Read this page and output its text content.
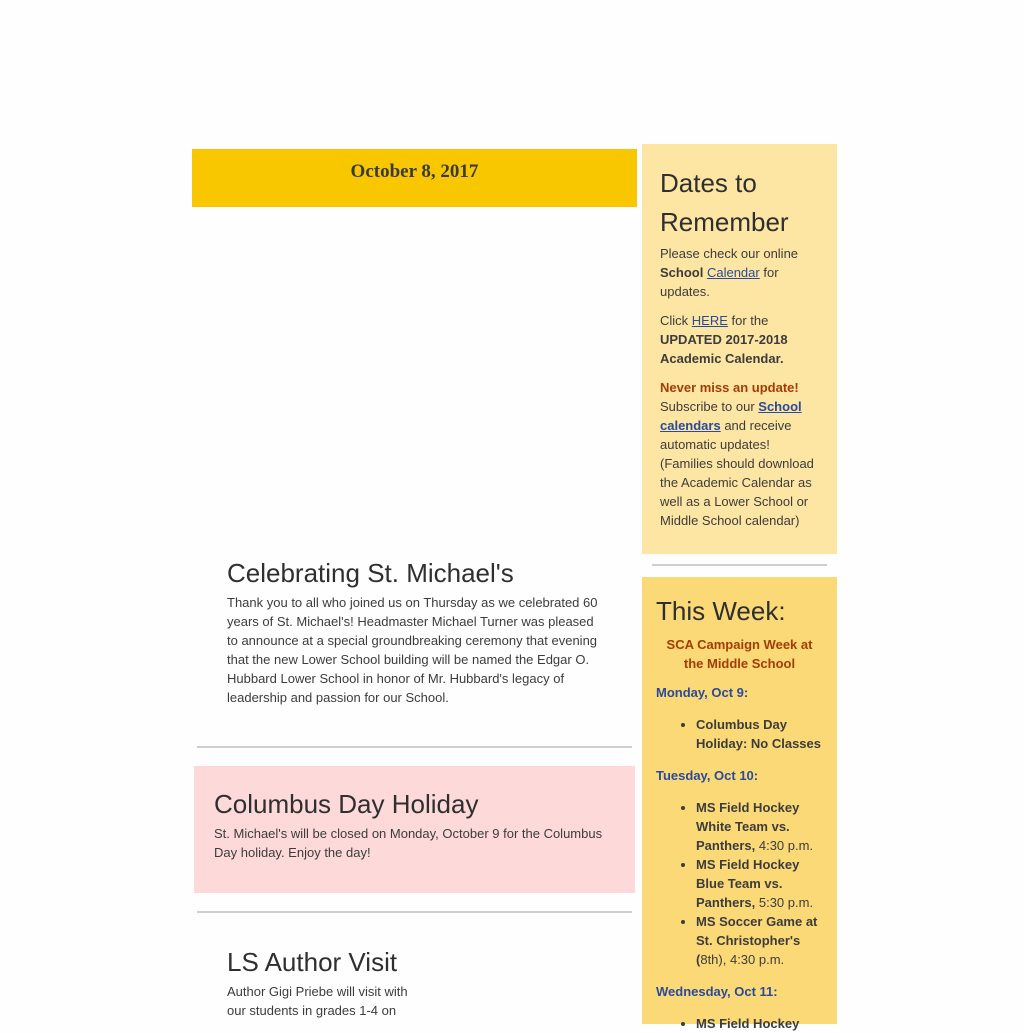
October 8, 2017
Celebrating St. Michael's

Thank you to all who joined us on Thursday as we celebrated 60 years of St. Michael's! Headmaster Michael Turner was pleased to announce at a special groundbreaking ceremony that evening that the new Lower School building will be named the Edgar O. Hubbard Lower School in honor of Mr. Hubbard's legacy of leadership and passion for our School.

Columbus Day Holiday

St. Michael's will be closed on Monday, October 9 for the Columbus Day holiday. Enjoy the day!

LS Author Visit

Author Gigi Priebe will visit with our students in grades 1-4 on

Dates to Remember

Please check our online School Calendar for updates.

Click HERE for the UPDATED 2017-2018 Academic Calendar.

Never miss an update!
Subscribe to our School calendars and receive automatic updates! (Families should download the Academic Calendar as well as a Lower School or Middle School calendar)

This Week:

SCA Campaign Week at the Middle School

Monday, Oct 9:

• Columbus Day Holiday: No Classes

Tuesday, Oct 10:

• MS Field Hockey White Team vs. Panthers, 4:30 p.m.
• MS Field Hockey Blue Team vs. Panthers, 5:30 p.m.
• MS Soccer Game at St. Christopher's (8th), 4:30 p.m.

Wednesday, Oct 11:

• MS Field Hockey
